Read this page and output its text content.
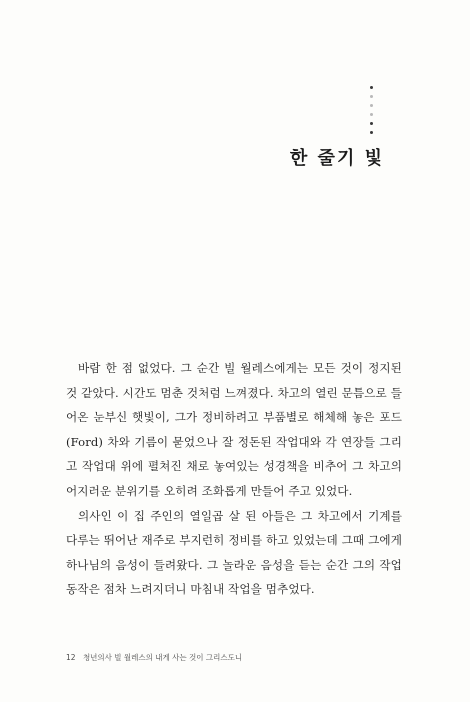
한 줄기 빛

바람 한 점 없었다. 그 순간 빌 월레스에게는 모든 것이 정지된 것 같았다. 시간도 멈춘 것처럼 느껴졌다. 차고의 열린 문틈으로 들어온 눈부신 햇빛이, 그가 정비하려고 부품별로 해체해 놓은 포드(Ford) 차와 기름이 묻었으나 잘 정돈된 작업대와 각 연장들 그리고 작업대 위에 펼쳐진 채로 놓여있는 성경책을 비추어 그 차고의 어지러운 분위기를 오히려 조화롭게 만들어 주고 있었다.

의사인 이 집 주인의 열일곱 살 된 아들은 그 차고에서 기계를 다루는 뛰어난 재주로 부지런히 정비를 하고 있었는데 그때 그에게 하나님의 음성이 들려왔다. 그 놀라운 음성을 듣는 순간 그의 작업 동작은 점차 느려지더니 마침내 작업을 멈추었다.

12 청년의사 빌 월레스의 내게 사는 것이 그리스도니
